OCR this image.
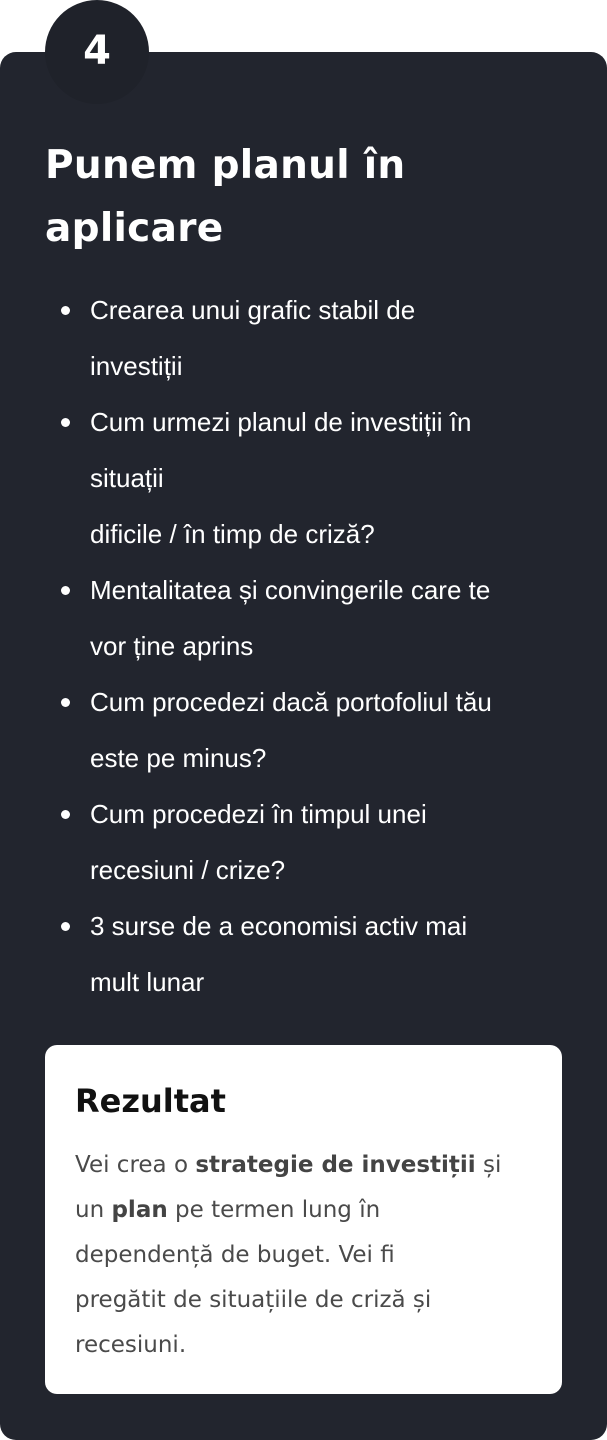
4
Punem planul în
aplicare
Crearea unui grafic stabil de
investiții
Cum urmezi planul de investiții în
situații
dificile / în timp de criză?
Mentalitatea și convingerile care te
vor ține aprins
Cum procedezi dacă portofoliul tău
este pe minus?
Cum procedezi în timpul unei
recesiuni / crize?
3 surse de a economisi activ mai
mult lunar
Rezultat

Vei crea o strategie de investiții și
un plan pe termen lung în
dependență de buget. Vei fi
pregătit de situațiile de criză și
recesiuni.
